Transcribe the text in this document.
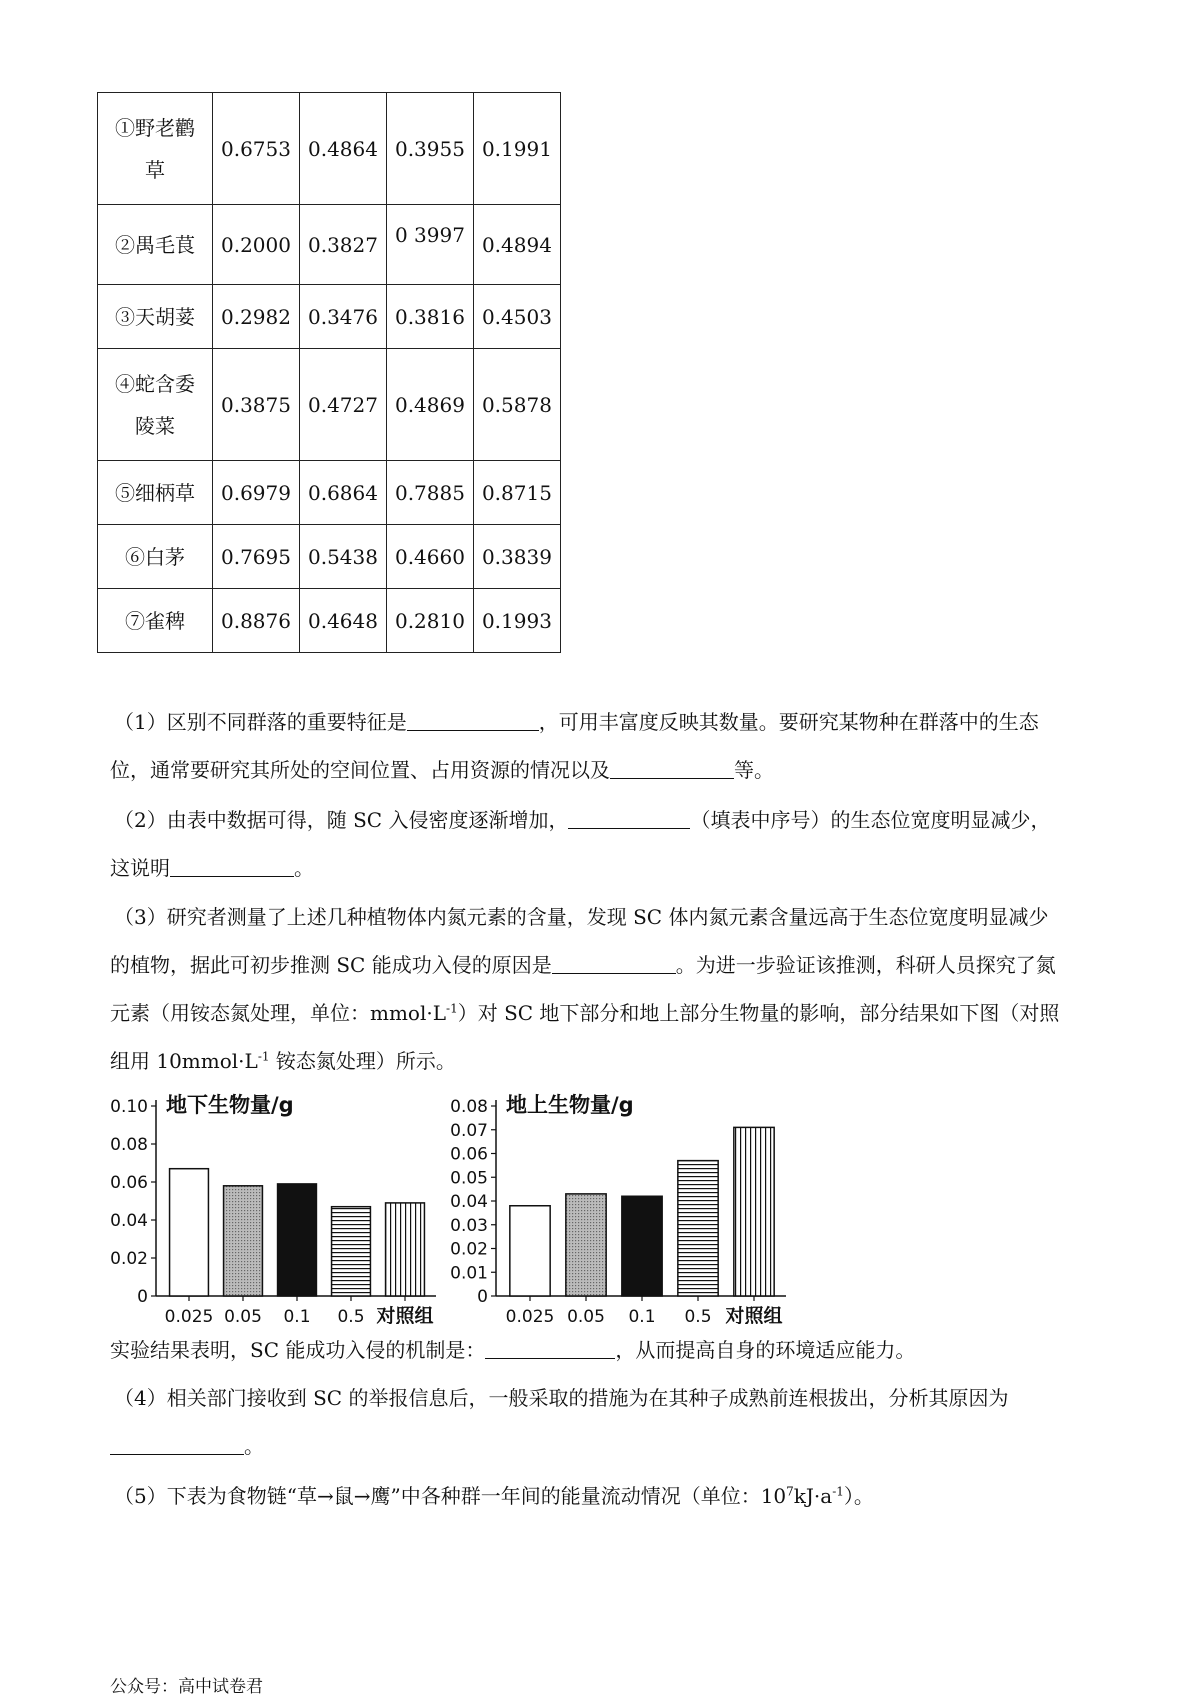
①野老鹳
草	0.6753	0.4864	0.3955	0.1991

②禺毛茛	0.2000	0.3827	0 3997	0.4894

③天胡荽	0.2982	0.3476	0.3816	0.4503

④蛇含委
陵菜	0.3875	0.4727	0.4869	0.5878

⑤细柄草	0.6979	0.6864	0.7885	0.8715

⑥白茅	0.7695	0.5438	0.4660	0.3839

⑦雀稗	0.8876	0.4648	0.2810	0.1993
（1）区别不同群落的重要特征是	，可用丰富度反映其数量。要研究某物种在群落中的生态
位，通常要研究其所处的空间位置、占用资源的情况以及	等。
（2）由表中数据可得，随 SC 入侵密度逐渐增加，	（填表中序号）的生态位宽度明显减少，
这说明	。
（3）研究者测量了上述几种植物体内氮元素的含量，发现 SC 体内氮元素含量远高于生态位宽度明显减少
的植物，据此可初步推测 SC 能成功入侵的原因是	。为进一步验证该推测，科研人员探究了氮
元素（用铵态氮处理，单位：$mmol\cdot L^{-1}$）对 SC 地下部分和地上部分生物量的影响，部分结果如下图（对照
组用 $10mmol\cdot L^{-1}$ 铵态氮处理）所示。
地下生物量/g
0
0.02
0.04
0.06
0.08
0.10
0.025 0.05 0.1 0.5 对照组
地上生物量/g
0
0.01
0.02
0.03
0.04
0.05
0.06
0.07
0.08
0.025 0.05 0.1 0.5 对照组
实验结果表明，SC 能成功入侵的机制是：	，从而提高自身的环境适应能力。
（4）相关部门接收到 SC 的举报信息后，一般采取的措施为在其种子成熟前连根拔出，分析其原因为
。
（5）下表为食物链“草→鼠→鹰”中各种群一年间的能量流动情况（单位：$10^7kJ\cdot a^{-1}$）。
公众号：高中试卷君
